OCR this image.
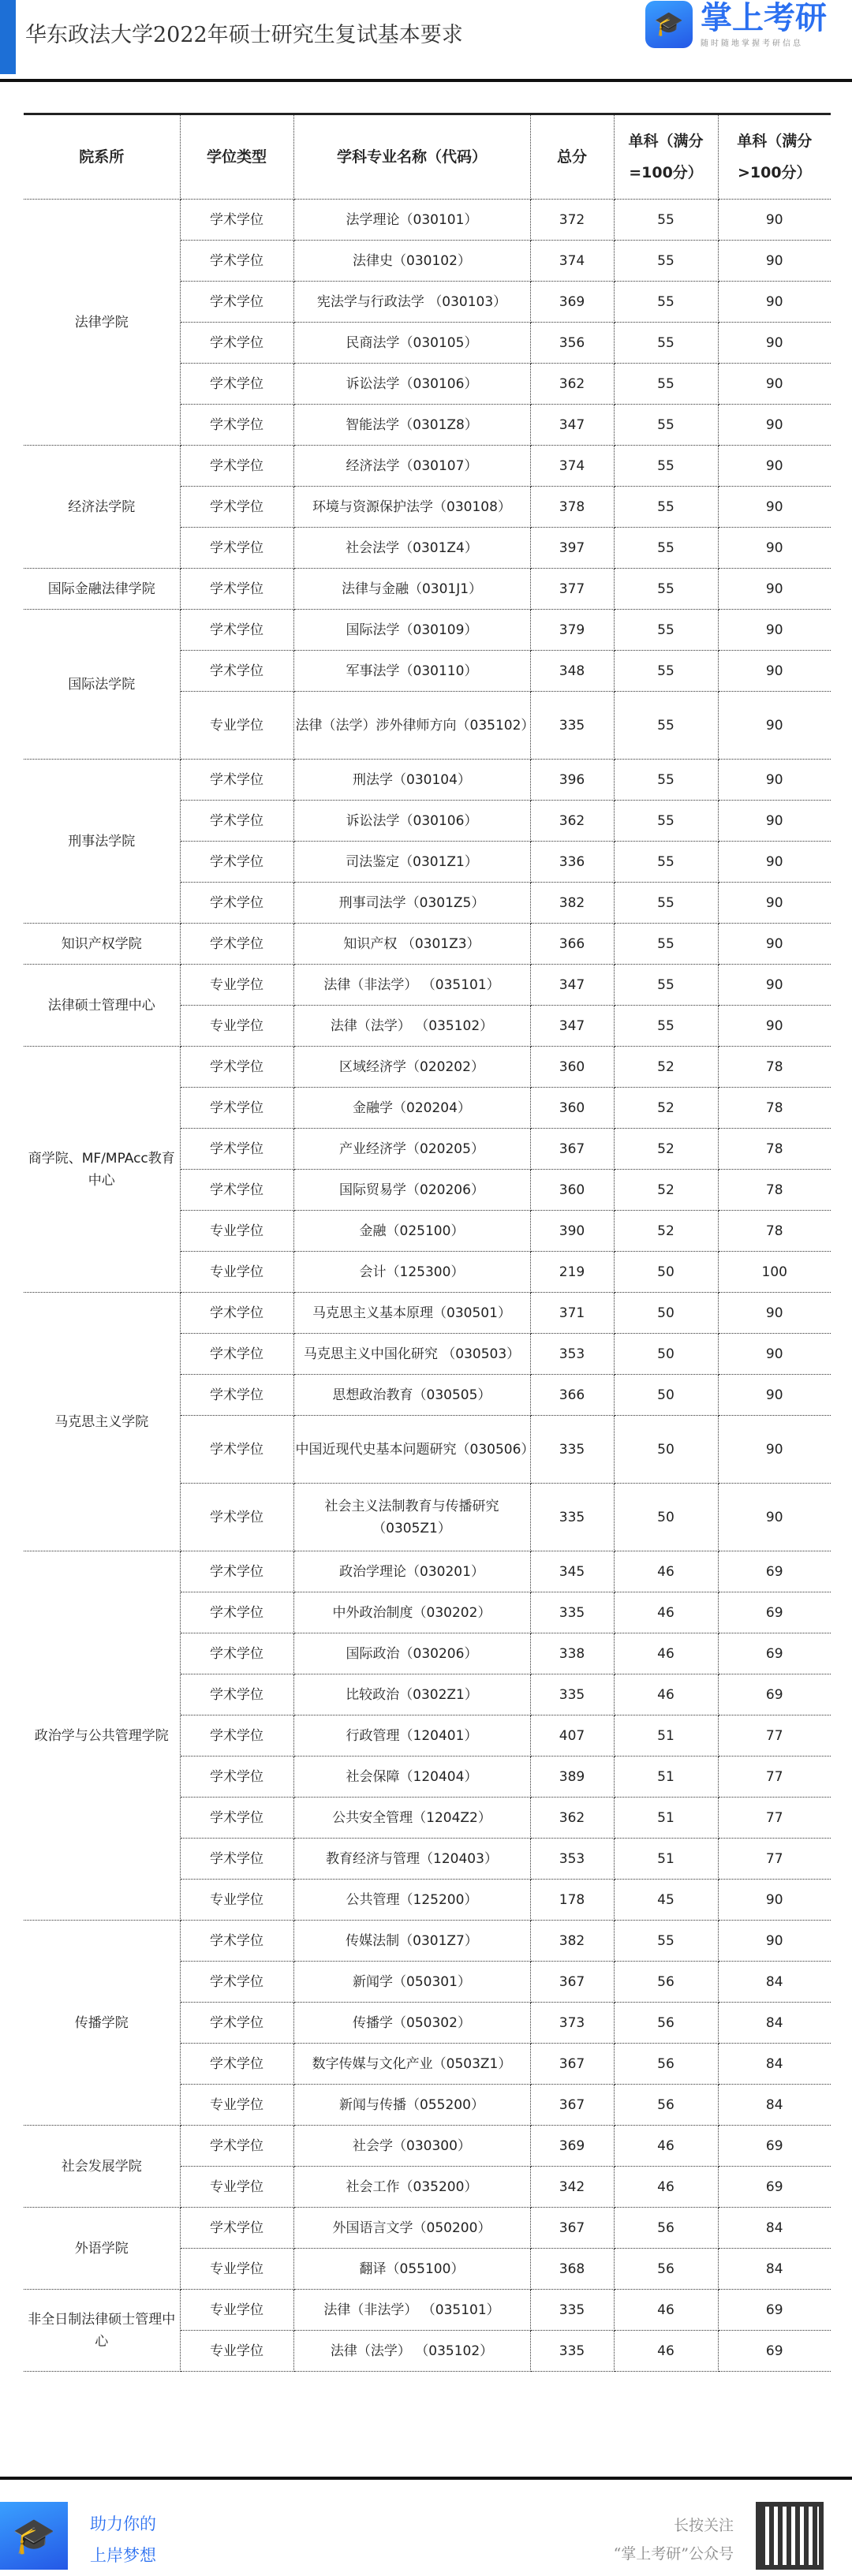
华东政法大学2022年硕士研究生复试基本要求	🎓 掌上考研
随时随地掌握考研信息
院系所	学位类型	学科专业名称（代码）	总分	单科（满分=100分）	单科（满分>100分）
法律学院	学术学位	法学理论（030101）	372	55	90
	学术学位	法律史（030102）	374	55	90
	学术学位	宪法学与行政法学 （030103）	369	55	90
	学术学位	民商法学（030105）	356	55	90
	学术学位	诉讼法学（030106）	362	55	90
	学术学位	智能法学（0301Z8）	347	55	90
经济法学院	学术学位	经济法学（030107）	374	55	90
	学术学位	环境与资源保护法学（030108）	378	55	90
	学术学位	社会法学（0301Z4）	397	55	90
国际金融法律学院	学术学位	法律与金融（0301J1）	377	55	90
国际法学院	学术学位	国际法学（030109）	379	55	90
	学术学位	军事法学（030110）	348	55	90
	专业学位	法律（法学）涉外律师方向（035102）	335	55	90
刑事法学院	学术学位	刑法学（030104）	396	55	90
	学术学位	诉讼法学（030106）	362	55	90
	学术学位	司法鉴定（0301Z1）	336	55	90
	学术学位	刑事司法学（0301Z5）	382	55	90
知识产权学院	学术学位	知识产权 （0301Z3）	366	55	90
法律硕士管理中心	专业学位	法律（非法学） （035101）	347	55	90
	专业学位	法律（法学） （035102）	347	55	90
商学院、MF/MPAcc教育中心	学术学位	区域经济学（020202）	360	52	78
	学术学位	金融学（020204）	360	52	78
	学术学位	产业经济学（020205）	367	52	78
	学术学位	国际贸易学（020206）	360	52	78
	专业学位	金融（025100）	390	52	78
	专业学位	会计（125300）	219	50	100
马克思主义学院	学术学位	马克思主义基本原理（030501）	371	50	90
	学术学位	马克思主义中国化研究 （030503）	353	50	90
	学术学位	思想政治教育（030505）	366	50	90
	学术学位	中国近现代史基本问题研究（030506）	335	50	90
	学术学位	社会主义法制教育与传播研究（0305Z1）	335	50	90
政治学与公共管理学院	学术学位	政治学理论（030201）	345	46	69
	学术学位	中外政治制度（030202）	335	46	69
	学术学位	国际政治（030206）	338	46	69
	学术学位	比较政治（0302Z1）	335	46	69
	学术学位	行政管理（120401）	407	51	77
	学术学位	社会保障（120404）	389	51	77
	学术学位	公共安全管理（1204Z2）	362	51	77
	学术学位	教育经济与管理（120403）	353	51	77
	专业学位	公共管理（125200）	178	45	90
传播学院	学术学位	传媒法制（0301Z7）	382	55	90
	学术学位	新闻学（050301）	367	56	84
	学术学位	传播学（050302）	373	56	84
	学术学位	数字传媒与文化产业（0503Z1）	367	56	84
	专业学位	新闻与传播（055200）	367	56	84
社会发展学院	学术学位	社会学（030300）	369	46	69
	专业学位	社会工作（035200）	342	46	69
外语学院	学术学位	外国语言文学（050200）	367	56	84
	专业学位	翻译（055100）	368	56	84
非全日制法律硕士管理中心	专业学位	法律（非法学） （035101）	335	46	69
	专业学位	法律（法学） （035102）	335	46	69
🎓	助力你的
上岸梦想
长按关注
“掌上考研”公众号
